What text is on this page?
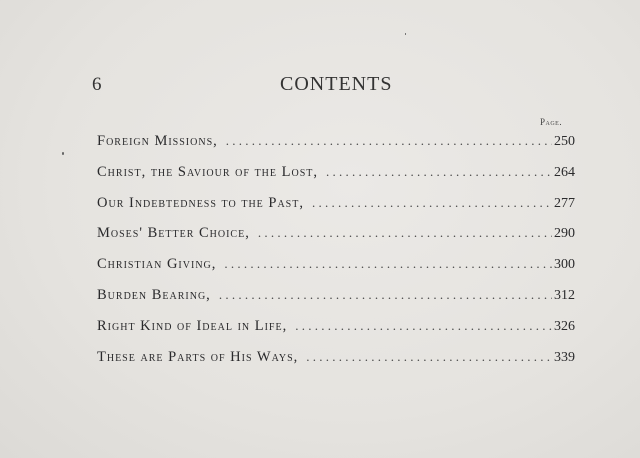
6	CONTENTS
Page.
Foreign Missions, . . .	250
Christ, the Saviour of the Lost, . . .	264
Our Indebtedness to the Past, . . .	277
Moses' Better Choice, . . .	290
Christian Giving, . . .	300
Burden Bearing, . . .	312
Right Kind of Ideal in Life, . . .	326
These are Parts of His Ways, . . .	339
